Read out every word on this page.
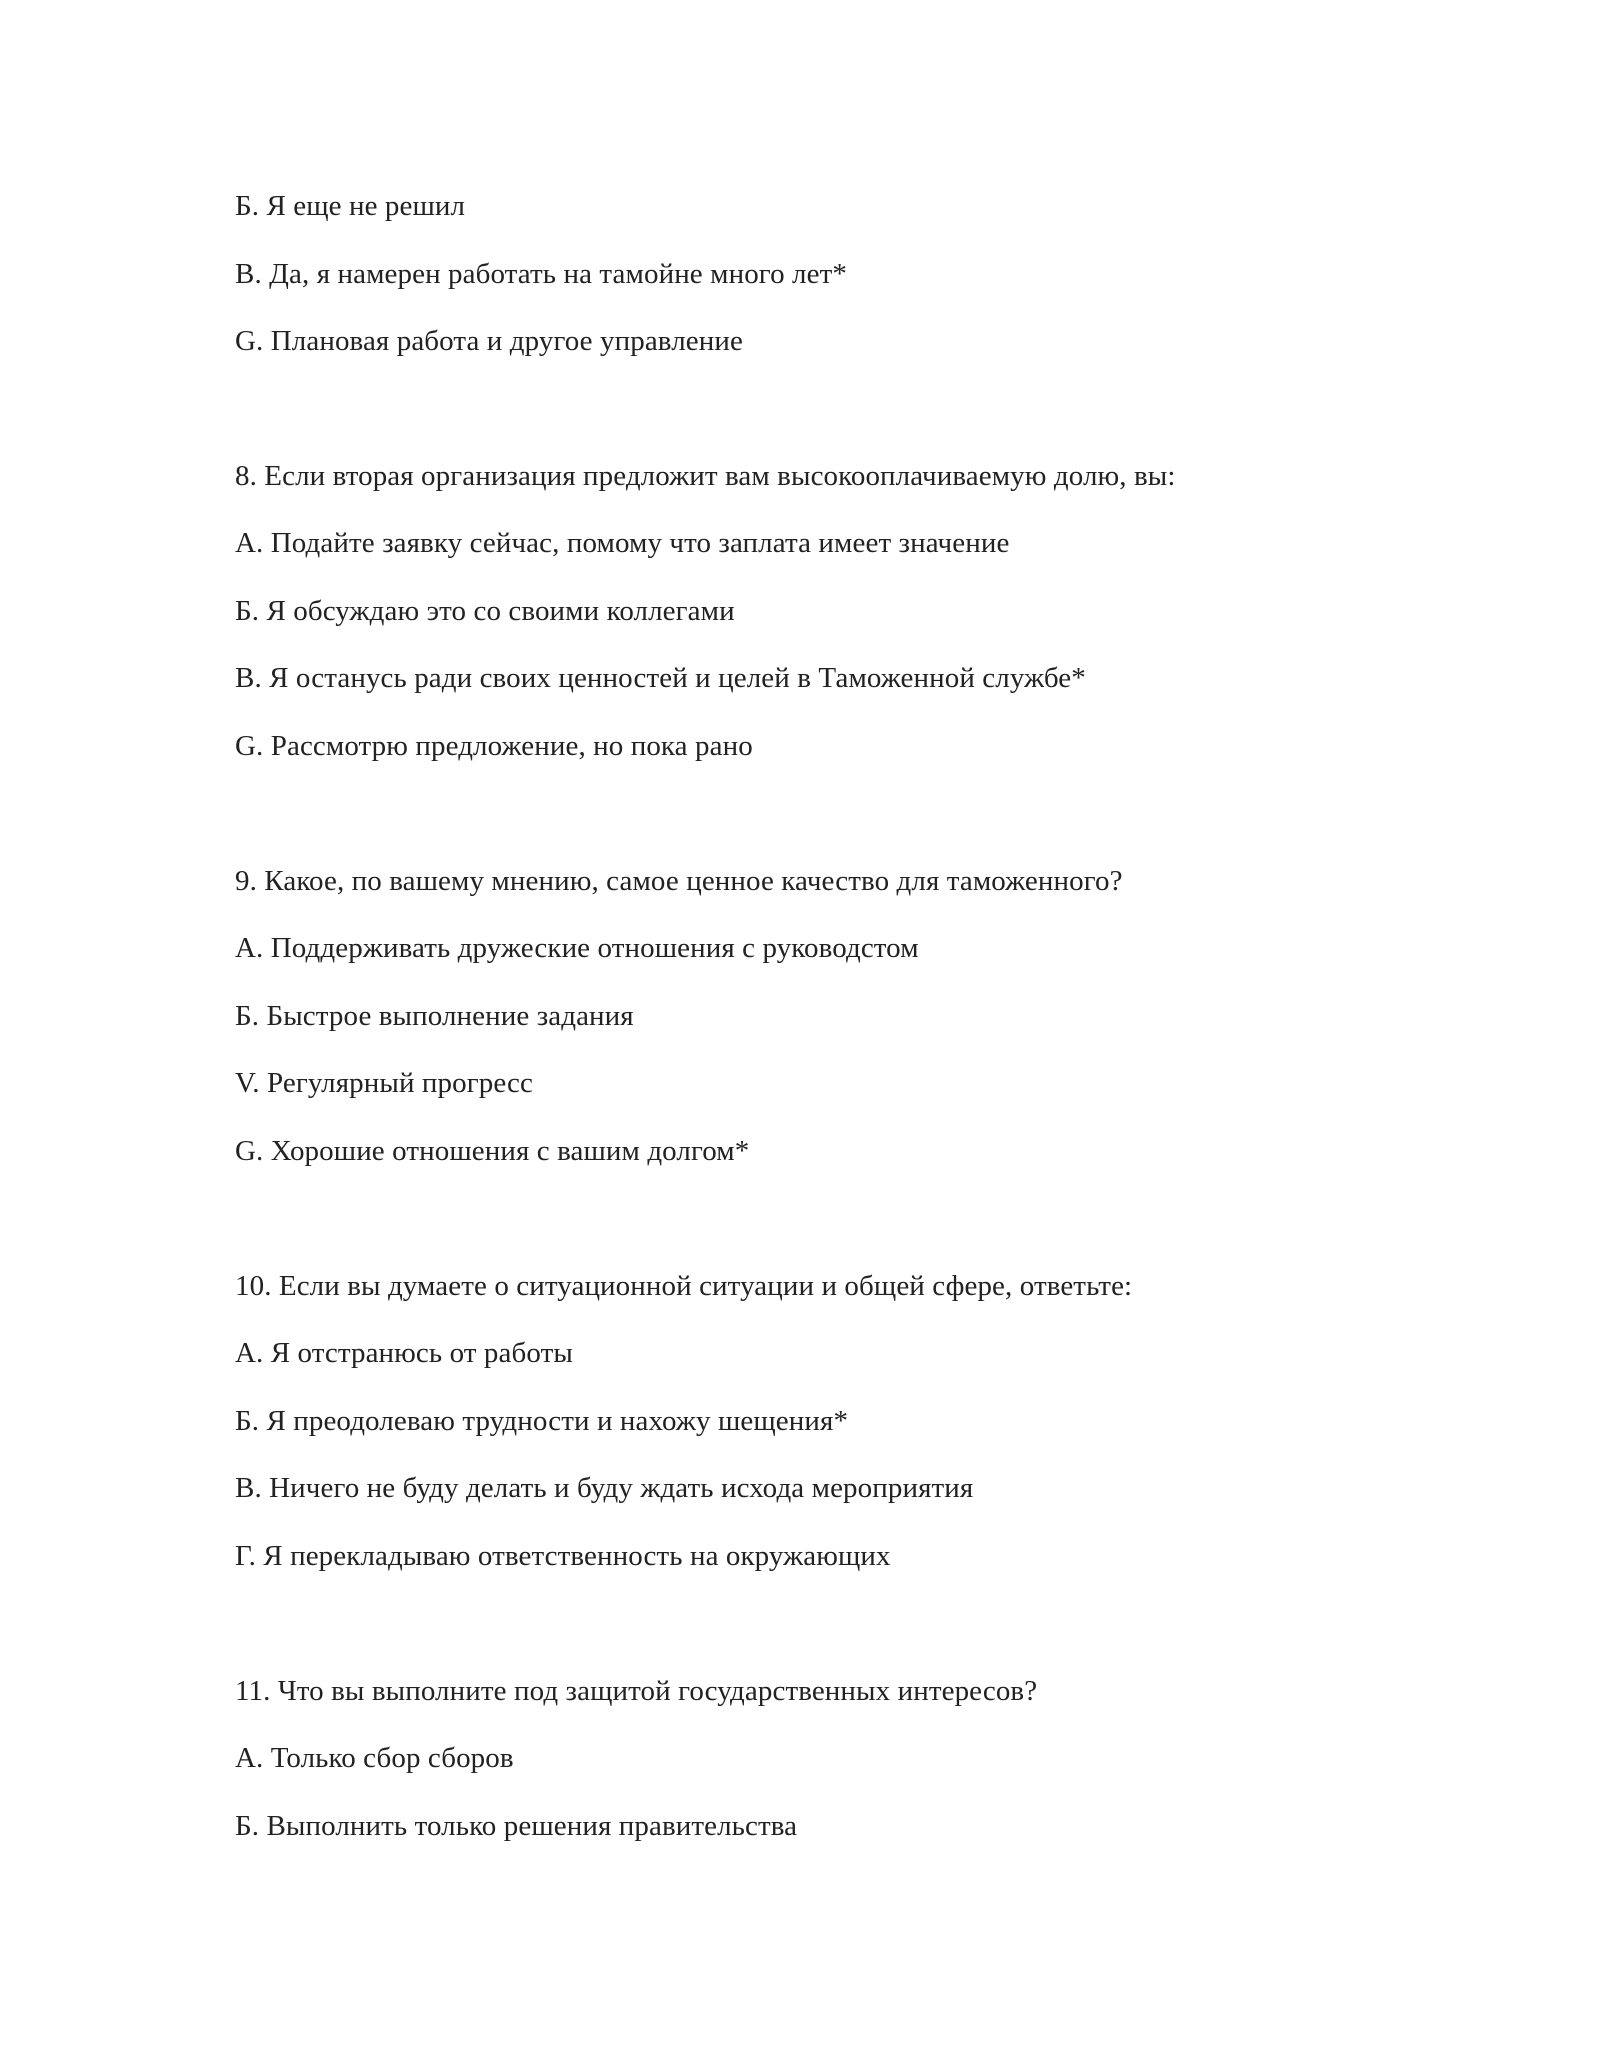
Б. Я еще не решил
В. Да, я намерен работать на тамойне много лет*
G. Плановая работа и другое управление
8. Если вторая организация предложит вам высокооплачиваемую долю, вы:
А. Подайте заявку сейчас, помому что заплата имеет значение
Б. Я обсуждаю это со своими коллегами
В. Я останусь ради своих ценностей и целей в Таможенной службе*
G. Рассмотрю предложение, но пока рано
9. Какое, по вашему мнению, самое ценное качество для таможенного?
А. Поддерживать дружеские отношения с руководстом
Б. Быстрое выполнение задания
V. Регулярный прогресс
G. Хорошие отношения с вашим долгом*
10. Если вы думаете о ситуационной ситуации и общей сфере, ответьте:
А. Я отстранюсь от работы
Б. Я преодолеваю трудности и нахожу шещения*
В. Ничего не буду делать и буду ждать исхода мероприятия
Г. Я перекладываю ответственность на окружающих
11. Что вы выполните под защитой государственных интересов?
А. Только сбор сборов
Б. Выполнить только решения правительства
